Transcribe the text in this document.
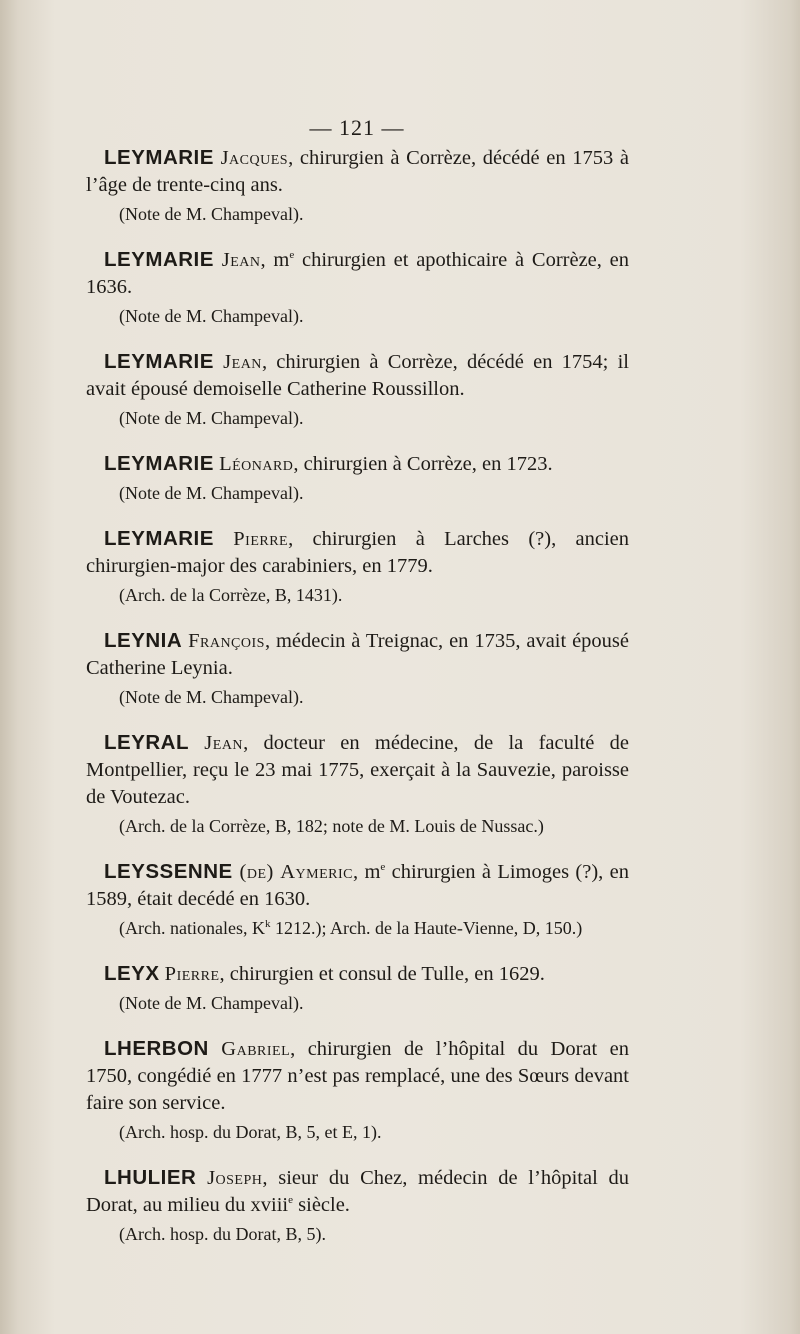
— 121 —

LEYMARIE Jacques, chirurgien à Corrèze, décédé en 1753 à l’âge de trente-cinq ans.

(Note de M. Champeval).

LEYMARIE Jean, $m^e$ chirurgien et apothicaire à Corrèze, en 1636.

(Note de M. Champeval).

LEYMARIE Jean, chirurgien à Corrèze, décédé en 1754; il avait épousé demoiselle Catherine Roussillon.

(Note de M. Champeval).

LEYMARIE Léonard, chirurgien à Corrèze, en 1723.

(Note de M. Champeval).

LEYMARIE Pierre, chirurgien à Larches (?), ancien chirurgien-major des carabiniers, en 1779.

(Arch. de la Corrèze, B, 1431).

LEYNIA François, médecin à Treignac, en 1735, avait épousé Catherine Leynia.

(Note de M. Champeval).

LEYRAL Jean, docteur en médecine, de la faculté de Montpellier, reçu le 23 mai 1775, exerçait à la Sauvezie, paroisse de Voutezac.

(Arch. de la Corrèze, B, 182; note de M. Louis de Nussac.)

LEYSSENNE (de) Aymeric, $m^e$ chirurgien à Limoges (?), en 1589, était decédé en 1630.

(Arch. nationales, $K^k$ 1212.); Arch. de la Haute-Vienne, D, 150.)

LEYX Pierre, chirurgien et consul de Tulle, en 1629.

(Note de M. Champeval).

LHERBON Gabriel, chirurgien de l’hôpital du Dorat en 1750, congédié en 1777 n’est pas remplacé, une des Sœurs devant faire son service.

(Arch. hosp. du Dorat, B, 5, et E, 1).

LHULIER Joseph, sieur du Chez, médecin de l’hôpital du Dorat, au milieu du xviii$^e$ siècle.

(Arch. hosp. du Dorat, B, 5).
